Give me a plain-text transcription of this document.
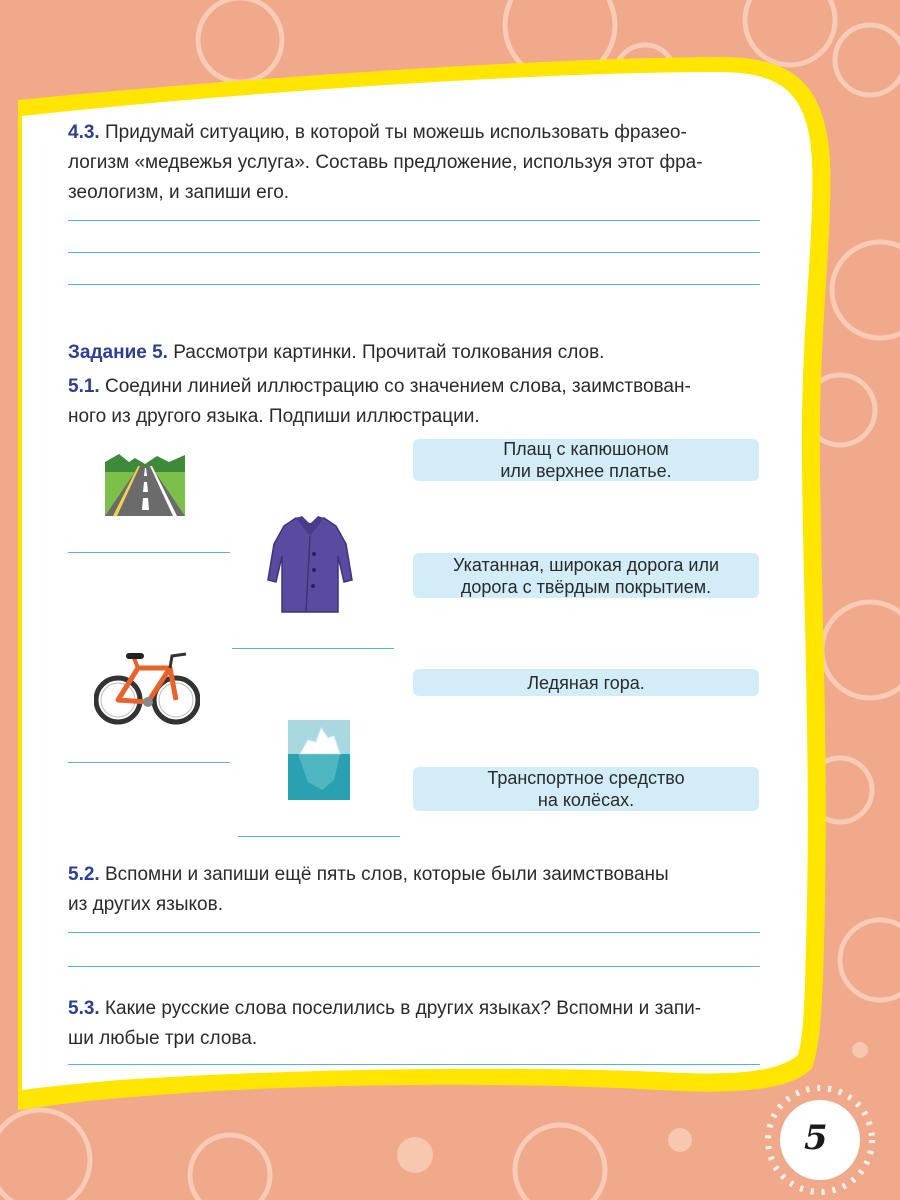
4.3. Придумай ситуацию, в которой ты можешь использовать фразео-
логизм «медвежья услуга». Составь предложение, используя этот фра-
зеологизм, и запиши его.
Задание 5. Рассмотри картинки. Прочитай толкования слов.
5.1. Соедини линией иллюстрацию со значением слова, заимствован-
ного из другого языка. Подпиши иллюстрации.
Плащ с капюшоном
или верхнее платье.
Укатанная, широкая дорога или
дорога с твёрдым покрытием.
Ледяная гора.
Транспортное средство
на колёсах.
5.2. Вспомни и запиши ещё пять слов, которые были заимствованы
из других языков.
5.3. Какие русские слова поселились в других языках? Вспомни и запи-
ши любые три слова.
5
